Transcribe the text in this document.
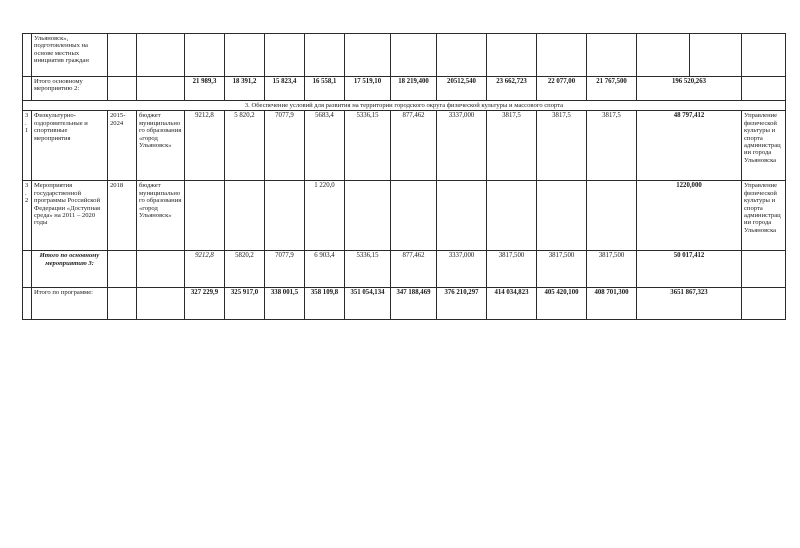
	Ульяновск», подготовленных на основе местных инициатив граждан															
	Итого основному мероприятию 2:			21 989,3	18 391,2	15 823,4	16 558,1	17 519,10	18 219,400	20512,540	23 662,723	22 077,00	21 767,500	196 520,263		
3. Обеспечение условий для развития на территории городского округа физической культуры и массового спорта																
3.1	Физкультурно-оздоровительные и спортивные мероприятия	2015-2024	бюджет муниципального образования «город Ульяновск»	9212,8	5 820,2	7077,9	5683,4	5336,15	877,462	3337,000	3817,5	3817,5	3817,5	48 797,412		Управление физической культуры и спорта администрации города Ульяновска
3.2	Мероприятия государственной программы Российской Федерации «Доступная среда» на 2011 – 2020 годы	2018	бюджет муниципального образования «город Ульяновск»				1 220,0							1220,000		Управление физической культуры и спорта администрации города Ульяновска
	Итого по основному мероприятию 3:			9212,8	5820,2	7077,9	6 903,4	5336,15	877,462	3337,000	3817,500	3817,500	3817,500	50 017,412		
	Итого по программе:			327 229,9	325 917,0	338 001,5	358 109,8	351 054,134	347 188,469	376 210,297	414 034,823	405 420,100	408 701,300	3651 867,323		
